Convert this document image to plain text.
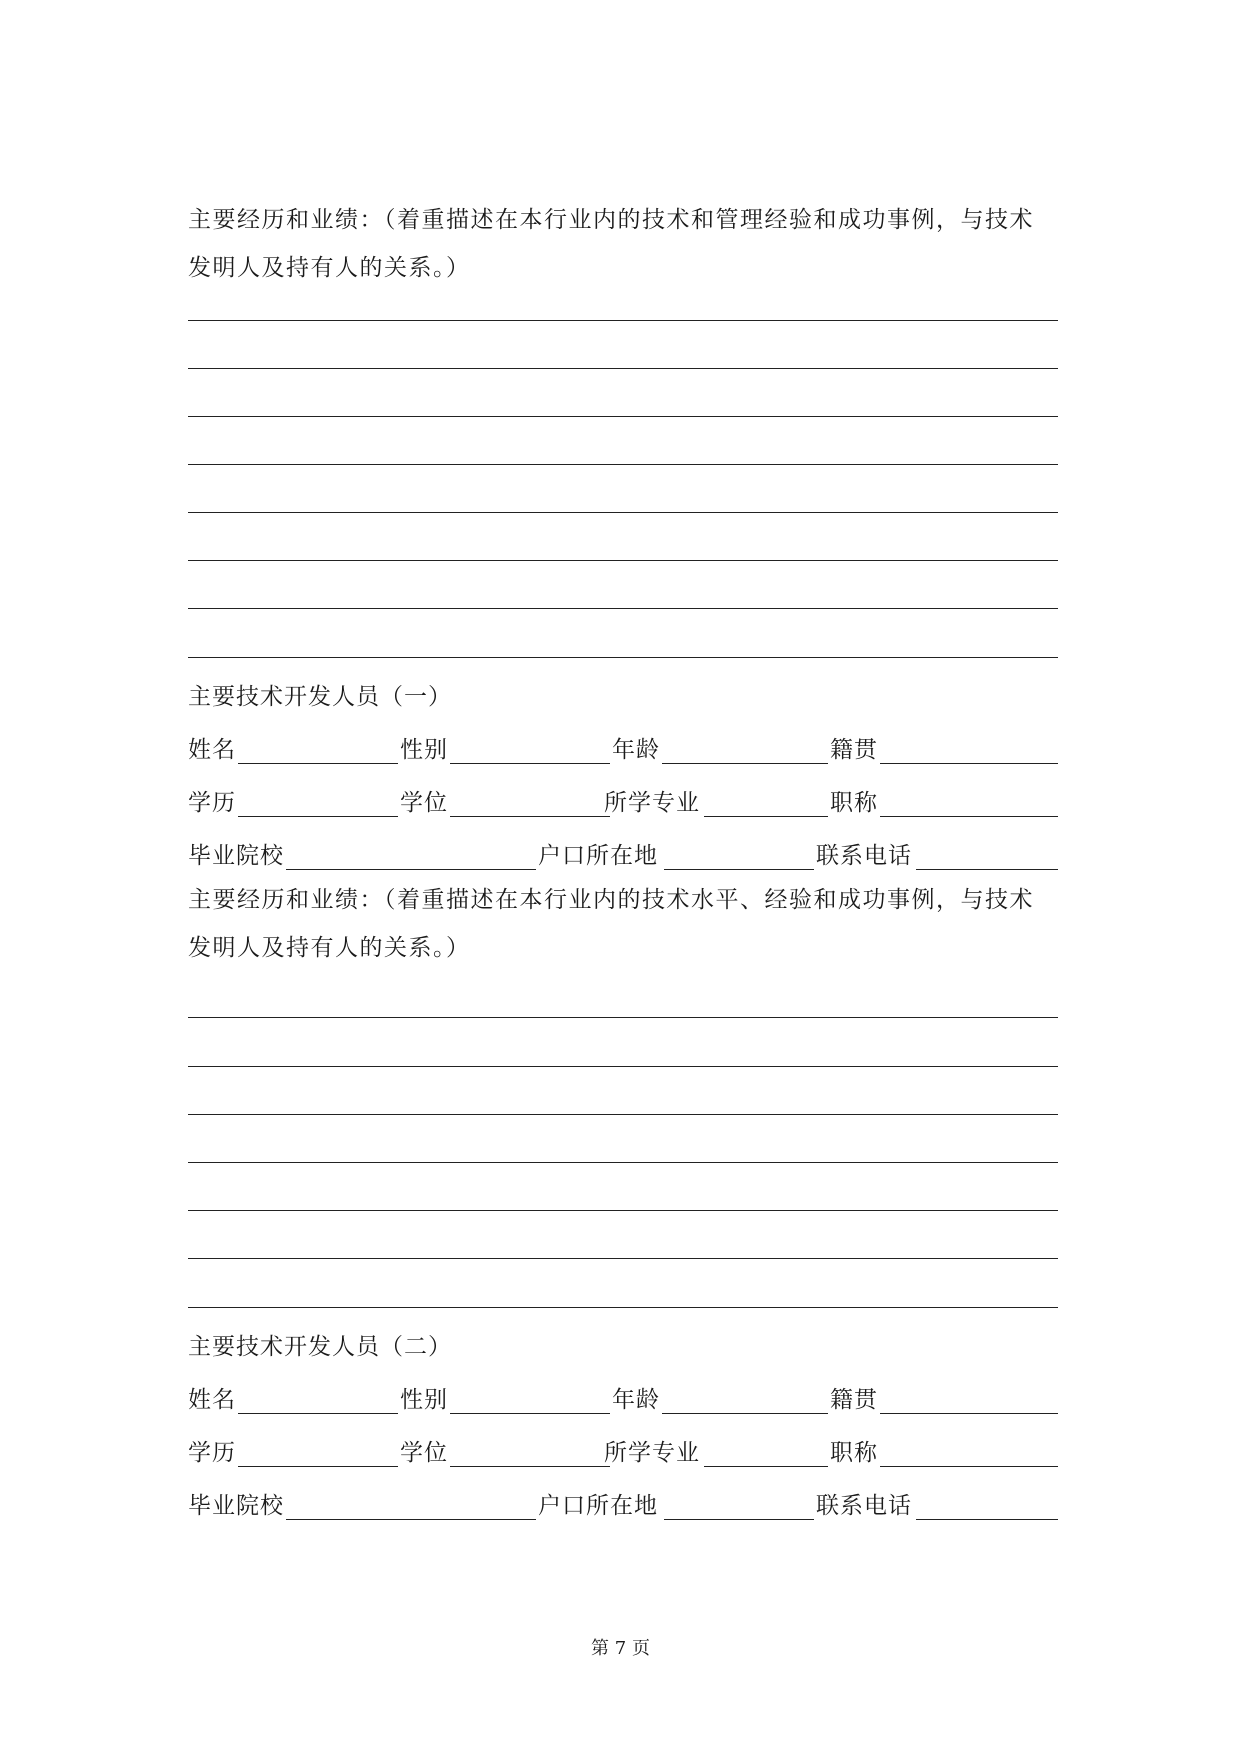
主要经历和业绩：（着重描述在本行业内的技术和管理经验和成功事例，与技术发明人及持有人的关系。）

主要技术开发人员（一）
姓名	性别	年龄	籍贯
学历	学位	所学专业	职称
毕业院校	户口所在地	联系电话

主要经历和业绩：（着重描述在本行业内的技术水平、经验和成功事例，与技术发明人及持有人的关系。）

主要技术开发人员（二）
姓名	性别	年龄	籍贯
学历	学位	所学专业	职称
毕业院校	户口所在地	联系电话
第 7 页
